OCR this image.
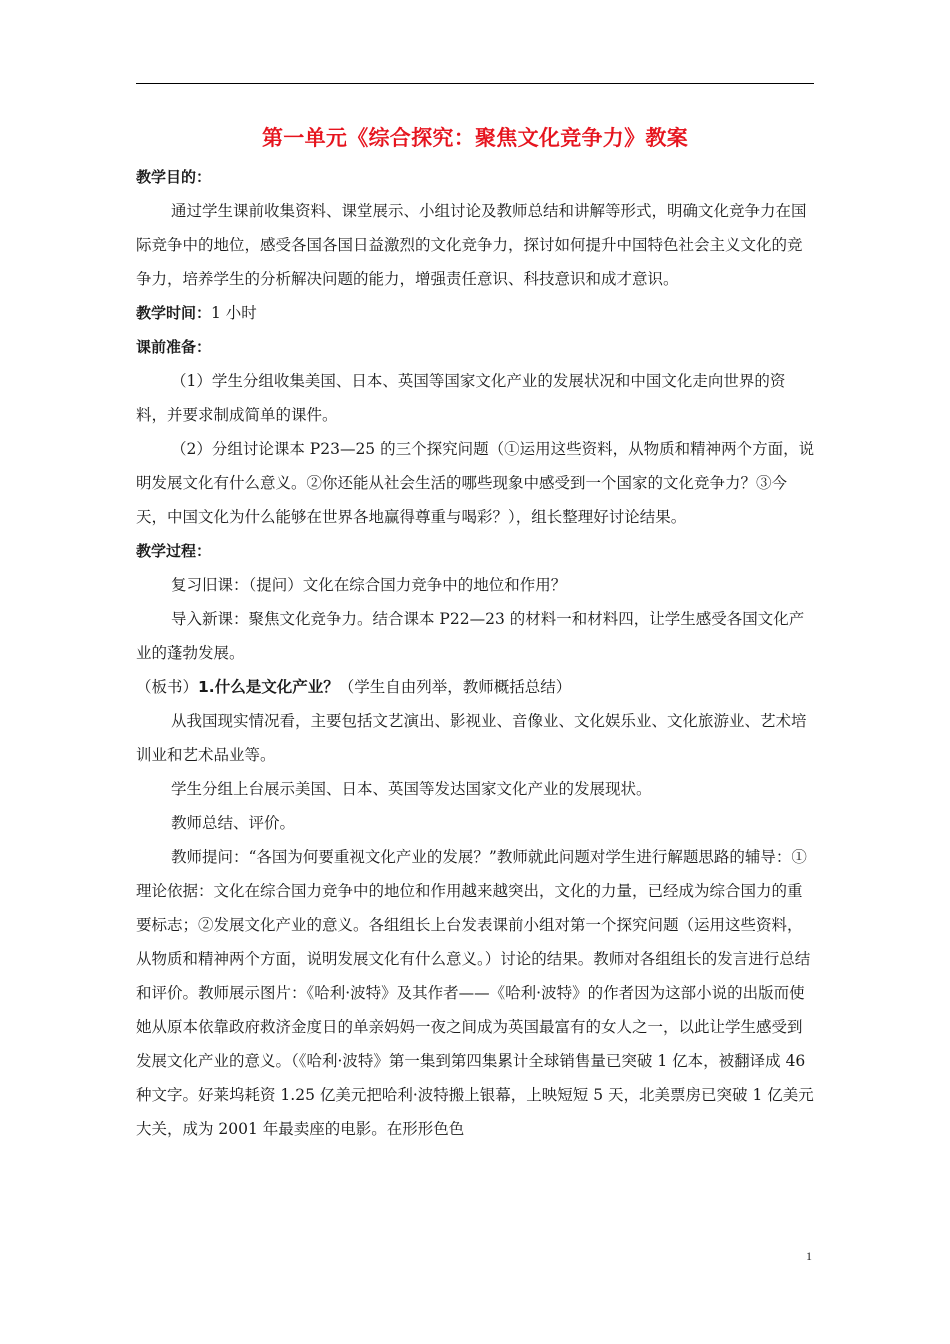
第一单元《综合探究：聚焦文化竞争力》教案

教学目的：

通过学生课前收集资料、课堂展示、小组讨论及教师总结和讲解等形式，明确文化竞争力在国际竞争中的地位，感受各国各国日益激烈的文化竞争力，探讨如何提升中国特色社会主义文化的竞争力，培养学生的分析解决问题的能力，增强责任意识、科技意识和成才意识。

教学时间：1 小时

课前准备：

（1）学生分组收集美国、日本、英国等国家文化产业的发展状况和中国文化走向世界的资料，并要求制成简单的课件。

（2）分组讨论课本 P23—25 的三个探究问题（①运用这些资料，从物质和精神两个方面，说明发展文化有什么意义。②你还能从社会生活的哪些现象中感受到一个国家的文化竞争力？③今天，中国文化为什么能够在世界各地赢得尊重与喝彩？），组长整理好讨论结果。

教学过程：

复习旧课：（提问）文化在综合国力竞争中的地位和作用？

导入新课：聚焦文化竞争力。结合课本 P22—23 的材料一和材料四，让学生感受各国文化产业的蓬勃发展。

（板书）1.什么是文化产业？（学生自由列举，教师概括总结）

从我国现实情况看，主要包括文艺演出、影视业、音像业、文化娱乐业、文化旅游业、艺术培训业和艺术品业等。

学生分组上台展示美国、日本、英国等发达国家文化产业的发展现状。

教师总结、评价。

教师提问：“各国为何要重视文化产业的发展？”教师就此问题对学生进行解题思路的辅导：①理论依据：文化在综合国力竞争中的地位和作用越来越突出，文化的力量，已经成为综合国力的重要标志；②发展文化产业的意义。各组组长上台发表课前小组对第一个探究问题（运用这些资料，从物质和精神两个方面，说明发展文化有什么意义。）讨论的结果。教师对各组组长的发言进行总结和评价。教师展示图片：《哈利·波特》及其作者——《哈利·波特》的作者因为这部小说的出版而使她从原本依靠政府救济金度日的单亲妈妈一夜之间成为英国最富有的女人之一，以此让学生感受到发展文化产业的意义。（《哈利·波特》第一集到第四集累计全球销售量已突破 1 亿本，被翻译成 46 种文字。好莱坞耗资 1.25 亿美元把哈利·波特搬上银幕，上映短短 5 天，北美票房已突破 1 亿美元大关，成为 2001 年最卖座的电影。在形形色色

1
